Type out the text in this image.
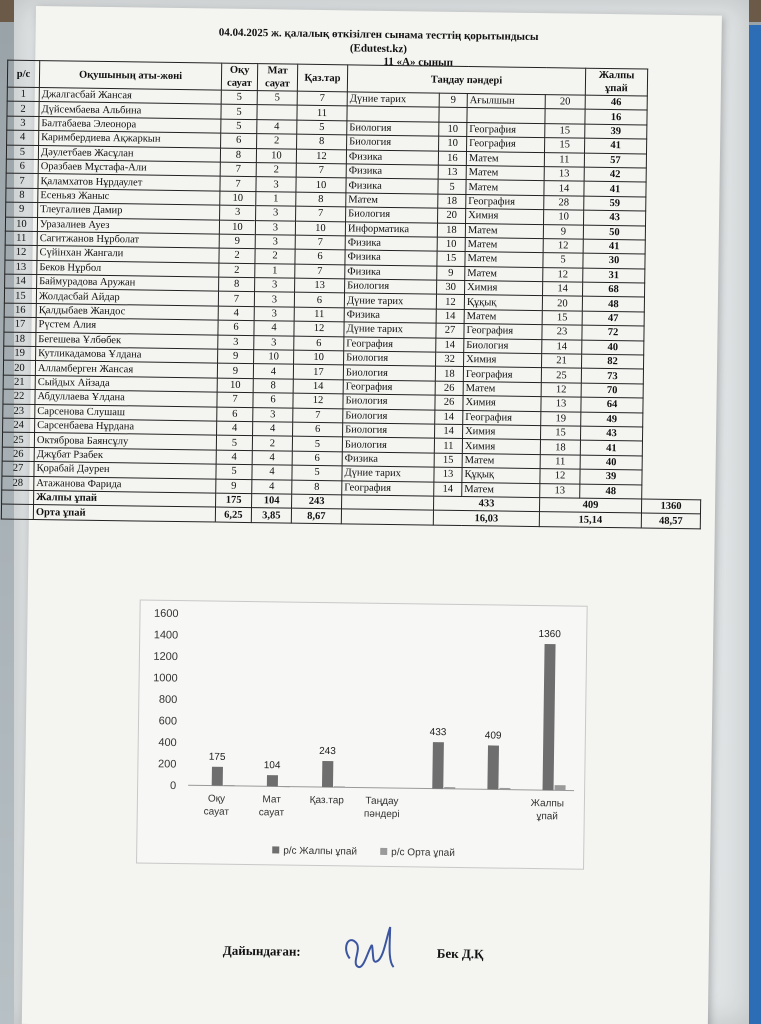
04.04.2025 ж. қалалық өткізілген сынама тесттің қорытындысы
(Edutest.kz)
11 «А» сынып
р/с	Оқушының аты-жөні	Оқу сауат	Мат сауат	Қаз.тар	Таңдау пәндері				Жалпы ұпай	

1	Джалгасбай Жансая	5	5	7	Дүние тарих	9	Ағылшын	20	46	
2	Дүйсембаева Альбина	5		11					16	
3	Балтабаева Элеонора	5	4	5	Биология	10	География	15	39	
4	Каримбердиева Ақжаркын	6	2	8	Биология	10	География	15	41	
5	Дәулетбаев Жасұлан	8	10	12	Физика	16	Матем	11	57	
6	Оразбаев Мұстафа-Али	7	2	7	Физика	13	Матем	13	42	
7	Қаламхатов Нұрдаулет	7	3	10	Физика	5	Матем	14	41	
8	Есеньяз Жаныс	10	1	8	Матем	18	География	28	59	
9	Тлеугалиев Дамир	3	3	7	Биология	20	Химия	10	43	
10	Уразалиев Ауез	10	3	10	Информатика	18	Матем	9	50	
11	Сагитжанов Нұрболат	9	3	7	Физика	10	Матем	12	41	
12	Сүйінхан Жангали	2	2	6	Физика	15	Матем	5	30	
13	Беков Нұрбол	2	1	7	Физика	9	Матем	12	31	
14	Баймурадова Аружан	8	3	13	Биология	30	Химия	14	68	
15	Жолдасбай Айдар	7	3	6	Дүние тарих	12	Құқық	20	48	
16	Қалдыбаев Жандос	4	3	11	Физика	14	Матем	15	47	
17	Рүстем Алия	6	4	12	Дүние тарих	27	География	23	72	
18	Бегешева Ұлбөбек	3	3	6	География	14	Биология	14	40	
19	Кутликадамова Ұлдана	9	10	10	Биология	32	Химия	21	82	
20	Алламберген Жансая	9	4	17	Биология	18	География	25	73	
21	Сыйдых Айзада	10	8	14	География	26	Матем	12	70	
22	Абдуллаева Ұлдана	7	6	12	Биология	26	Химия	13	64	
23	Сарсенова Слушаш	6	3	7	Биология	14	География	19	49	
24	Сарсенбаева Нұрдана	4	4	6	Биология	14	Химия	15	43	
25	Октяброва Баянсұлу	5	2	5	Биология	11	Химия	18	41	
26	Джұбат Рзабек	4	4	6	Физика	15	Матем	11	40	
27	Қорабай Дәурен	5	4	5	Дүние тарих	13	Құқық	12	39	
28	Атажанова Фарида	9	4	8	География	14	Матем	13	48	
	Жалпы ұпай	175	104	243		433		409		1360
	Орта ұпай	6,25	3,85	8,67		16,03		15,14		48,57
0
200
400
600
800
1000
1200
1400
1600
175
104
243
433	409
1360
Оқу
сауат
Мат
сауат
Қаз.тар Таңдау
пәндері
Жалпы
ұпай
р/с Жалпы ұпай	р/с Орта ұпай
Дайындаған:	Бек Д.Қ
